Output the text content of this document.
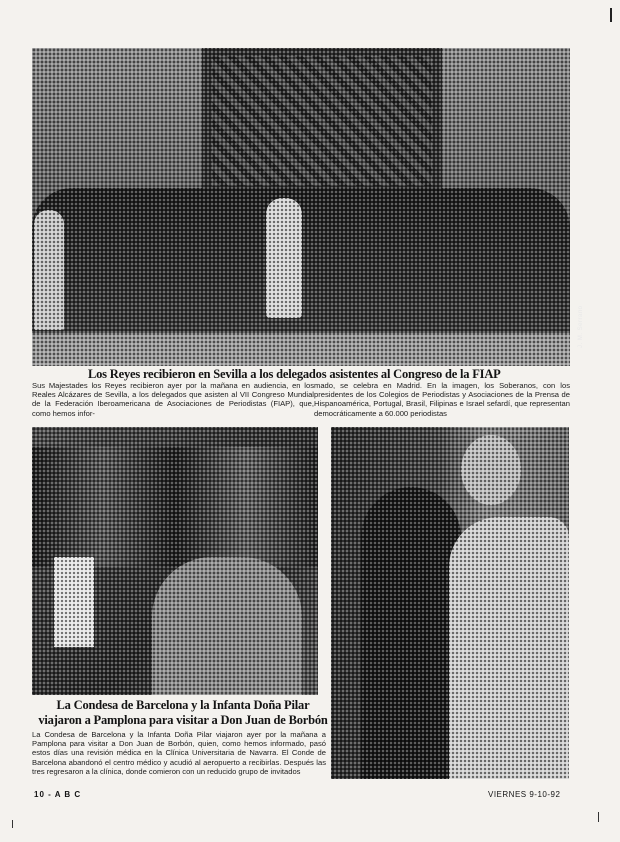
J. M. Serrano
Los Reyes recibieron en Sevilla a los delegados asistentes al Congreso de la FIAP
Sus Majestades los Reyes recibieron ayer por la mañana en audiencia, en los Reales Alcázares de Sevilla, a los delegados que asisten al VII Congreso Mundial de la Federación Iberoamericana de Asociaciones de Periodistas (FIAP), que, como hemos infor-
mado, se celebra en Madrid. En la imagen, los Soberanos, con los presidentes de los Colegios de Periodistas y Asociaciones de la Prensa de Hispanoamérica, Portugal, Brasil, Filipinas e Israel sefardí, que representan democráticamente a 60.000 periodistas
La Condesa de Barcelona y la Infanta Doña Pilar
viajaron a Pamplona para visitar a Don Juan de Borbón
La Condesa de Barcelona y la Infanta Doña Pilar viajaron ayer por la mañana a Pamplona para visitar a Don Juan de Borbón, quien, como hemos informado, pasó estos días una revisión médica en la Clínica Universitaria de Navarra. El Conde de Barcelona abandonó el centro médico y acudió al aeropuerto a recibirlas. Después las tres regresaron a la clínica, donde comieron con un reducido grupo de invitados
10 - A B C	VIERNES 9-10-92
